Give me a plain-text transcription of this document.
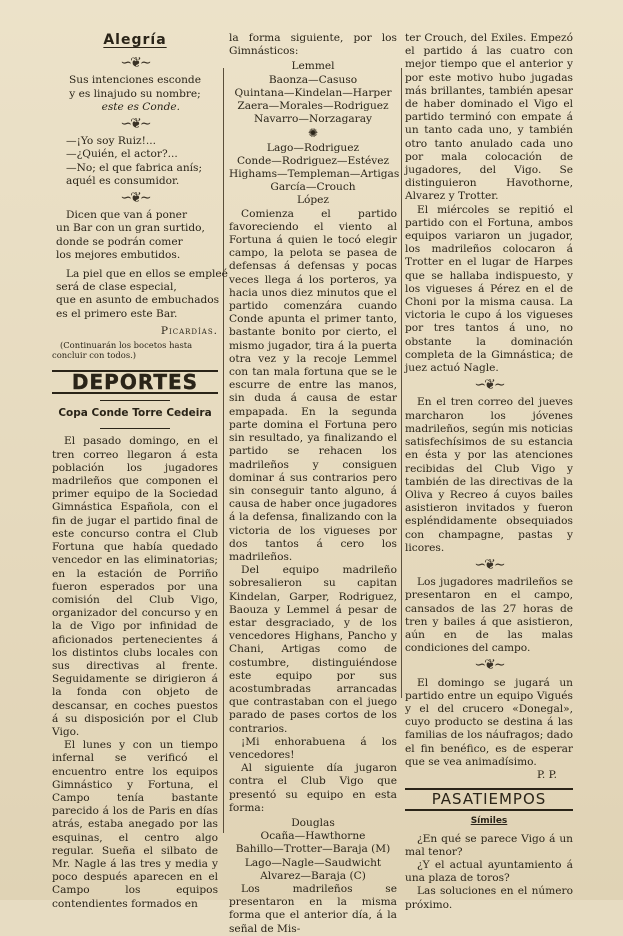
Alegría
∽❦∼
Sus intenciones esconde
y es linajudo su nombre;
este es Conde.
∽❦∼
—¡Yo soy Ruiz!...
—¿Quién, el actor?...
—No; el que fabrica anís;
aquél es consumidor.
∽❦∼
Dicen que van á poner
un Bar con un gran surtido,
donde se podrán comer
los mejores embutidos.
La piel que en ellos se empleé
será de clase especial,
que en asunto de embuchados
es el primero este Bar.
Picardías.
(Continuarán los bocetos hasta concluir con todos.)
DEPORTES
Copa Conde Torre Cedeira

El pasado domingo, en el tren correo llegaron á esta población los jugadores madrileños que componen el primer equipo de la Sociedad Gimnástica Española, con el fin de jugar el partido final de este concurso contra el Club Fortuna que había quedado vencedor en las eliminatorias; en la estación de Porriño fueron esperados por una comisión del Club Vigo, organizador del concurso y en la de Vigo por infinidad de aficionados pertenecientes á los distintos clubs locales con sus directivas al frente. Seguidamente se dirigieron á la fonda con objeto de descansar, en coches puestos á su disposición por el Club Vigo.

El lunes y con un tiempo infernal se verificó el encuentro entre los equipos Gimnástico y Fortuna, el Campo tenía bastante parecido á los de Paris en días atrás, estaba anegado por las esquinas, el centro algo regular. Sueña el silbato de Mr. Nagle á las tres y media y poco después aparecen en el Campo los equipos contendientes formados en

la forma siguiente, por los Gimnásticos:

Lemmel
Baonza—Casuso
Quintana—Kindelan—Harper
Zaera—Morales—Rodriguez
Navarro—Norzagaray
✺
Lago—Rodriguez
Conde—Rodriguez—Estévez
Highams—Templeman—Artigas
García—Crouch
López

Comienza el partido favoreciendo el viento al Fortuna á quien le tocó elegir campo, la pelota se pasea de defensas á defensas y pocas veces llega á los porteros, ya hacia unos diez minutos que el partido comenzára cuando Conde apunta el primer tanto, bastante bonito por cierto, el mismo jugador, tira á la puerta otra vez y la recoje Lemmel con tan mala fortuna que se le escurre de entre las manos, sin duda á causa de estar empapada. En la segunda parte domina el Fortuna pero sin resultado, ya finalizando el partido se rehacen los madrileños y consiguen dominar á sus contrarios pero sin conseguir tanto alguno, á causa de haber once jugadores á la defensa, finalizando con la victoria de los vigueses por dos tantos á cero los madrileños.

Del equipo madrileño sobresalieron su capitan Kindelan, Garper, Rodriguez, Baouza y Lemmel á pesar de estar desgraciado, y de los vencedores Highans, Pancho y Chani, Artigas como de costumbre, distinguiéndose este equipo por sus acostumbradas arrancadas que contrastaban con el juego parado de pases cortos de los contrarios.

¡Mi enhorabuena á los vencedores!

Al siguiente día jugaron contra el Club Vigo que presentó su equipo en esta forma:

Douglas
Ocaña—Hawthorne
Bahillo—Trotter—Baraja (M)
Lago—Nagle—Saudwicht
Alvarez—Baraja (C)

Los madrileños se presentaron en la misma forma que el anterior día, á la señal de Mis-

ter Crouch, del Exiles. Empezó el partido á las cuatro con mejor tiempo que el anterior y por este motivo hubo jugadas más brillantes, también apesar de haber dominado el Vigo el partido terminó con empate á un tanto cada uno, y también otro tanto anulado cada uno por mala colocación de jugadores, del Vigo. Se distinguieron Havothorne, Alvarez y Trotter.

El miércoles se repitió el partido con el Fortuna, ambos equipos variaron un jugador, los madrileños colocaron á Trotter en el lugar de Harpes que se hallaba indispuesto, y los vigueses á Pérez en el de Choni por la misma causa. La victoria le cupo á los vigueses por tres tantos á uno, no obstante la dominación completa de la Gimnástica; de juez actuó Nagle.

∽❦∼

En el tren correo del jueves marcharon los jóvenes madrileños, según mis noticias satisfechísimos de su estancia en ésta y por las atenciones recibidas del Club Vigo y también de las directivas de la Oliva y Recreo á cuyos bailes asistieron invitados y fueron espléndidamente obsequiados con champagne, pastas y licores.

∽❦∼

Los jugadores madrileños se presentaron en el campo, cansados de las 27 horas de tren y bailes á que asistieron, aún en de las malas condiciones del campo.

∽❦∼

El domingo se jugará un partido entre un equipo Vigués y el del crucero «Donegal», cuyo producto se destina á las familias de los náufragos; dado el fin benéfico, es de esperar que se vea animadísimo.

P. P.
PASATIEMPOS
Símiles

¿En qué se parece Vigo á un mal tenor?

¿Y el actual ayuntamiento á una plaza de toros?

Las soluciones en el número próximo.
